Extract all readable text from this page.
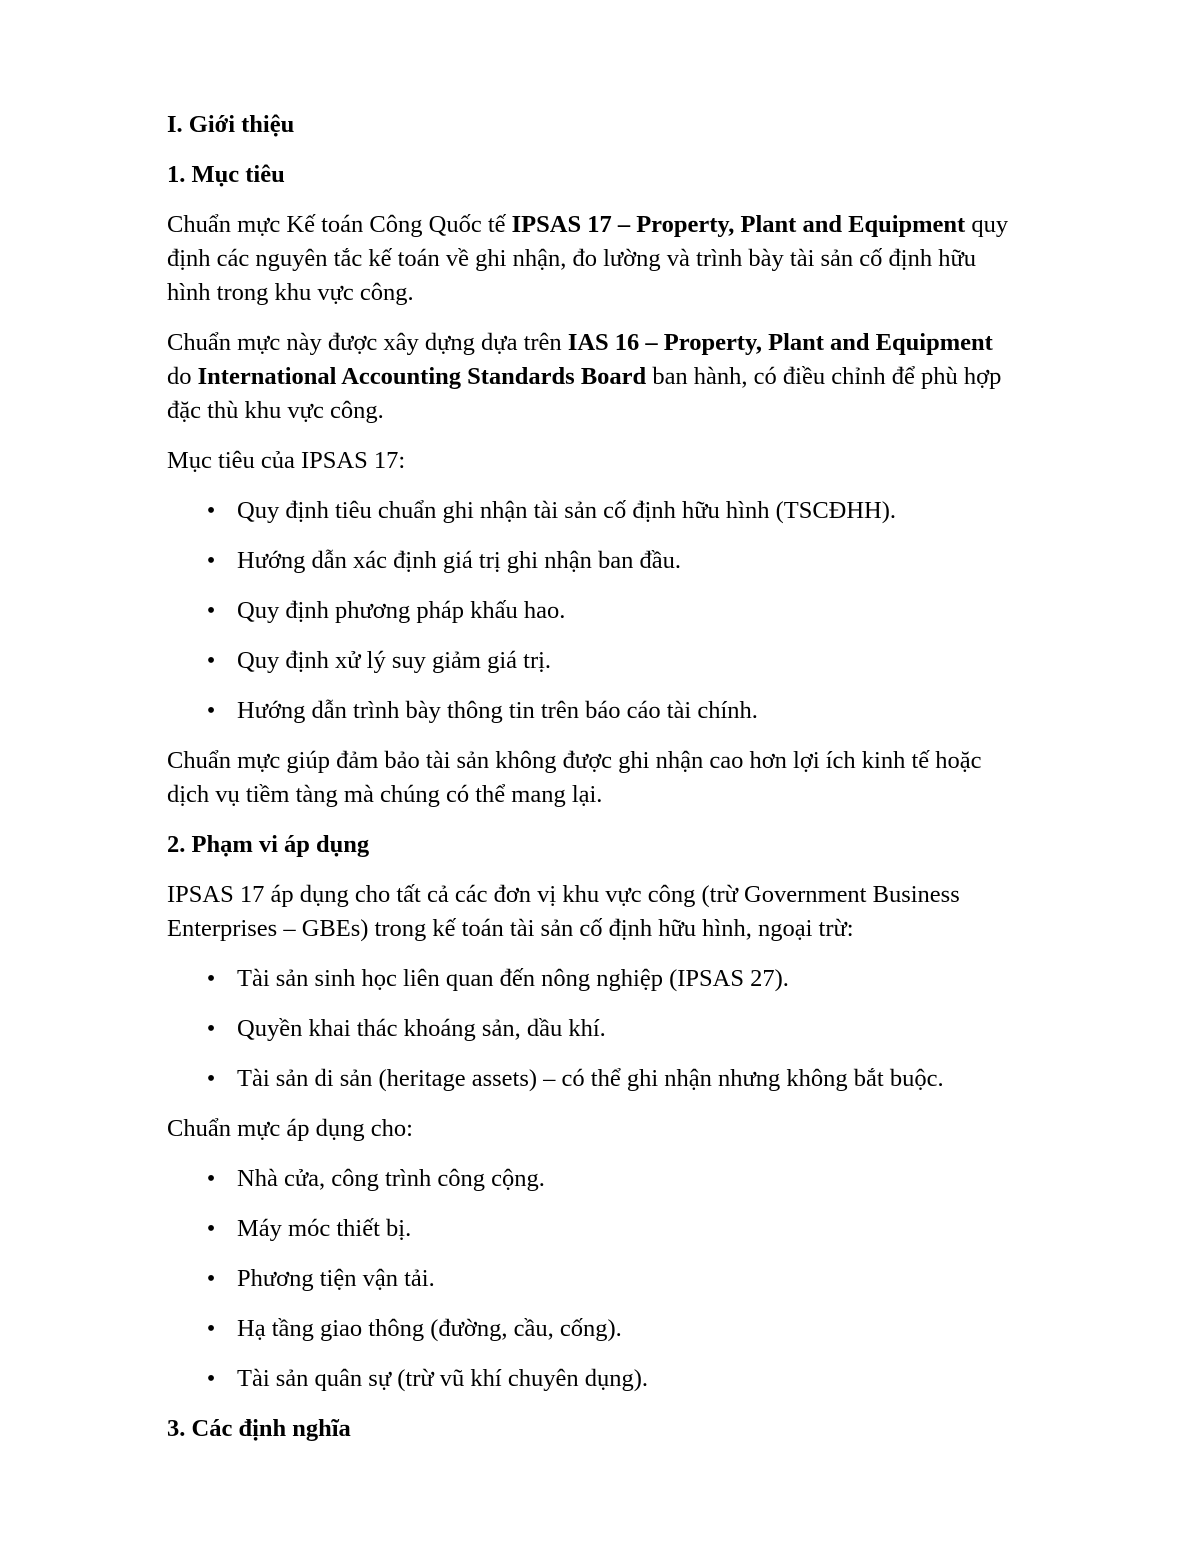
I. Giới thiệu
1. Mục tiêu
Chuẩn mực Kế toán Công Quốc tế IPSAS 17 – Property, Plant and Equipment quy
định các nguyên tắc kế toán về ghi nhận, đo lường và trình bày tài sản cố định hữu
hình trong khu vực công.
Chuẩn mực này được xây dựng dựa trên IAS 16 – Property, Plant and Equipment
do International Accounting Standards Board ban hành, có điều chỉnh để phù hợp
đặc thù khu vực công.
Mục tiêu của IPSAS 17:
• Quy định tiêu chuẩn ghi nhận tài sản cố định hữu hình (TSCĐHH).
• Hướng dẫn xác định giá trị ghi nhận ban đầu.
• Quy định phương pháp khấu hao.
• Quy định xử lý suy giảm giá trị.
• Hướng dẫn trình bày thông tin trên báo cáo tài chính.
Chuẩn mực giúp đảm bảo tài sản không được ghi nhận cao hơn lợi ích kinh tế hoặc
dịch vụ tiềm tàng mà chúng có thể mang lại.
2. Phạm vi áp dụng
IPSAS 17 áp dụng cho tất cả các đơn vị khu vực công (trừ Government Business
Enterprises – GBEs) trong kế toán tài sản cố định hữu hình, ngoại trừ:
• Tài sản sinh học liên quan đến nông nghiệp (IPSAS 27).
• Quyền khai thác khoáng sản, dầu khí.
• Tài sản di sản (heritage assets) – có thể ghi nhận nhưng không bắt buộc.
Chuẩn mực áp dụng cho:
• Nhà cửa, công trình công cộng.
• Máy móc thiết bị.
• Phương tiện vận tải.
• Hạ tầng giao thông (đường, cầu, cống).
• Tài sản quân sự (trừ vũ khí chuyên dụng).
3. Các định nghĩa
